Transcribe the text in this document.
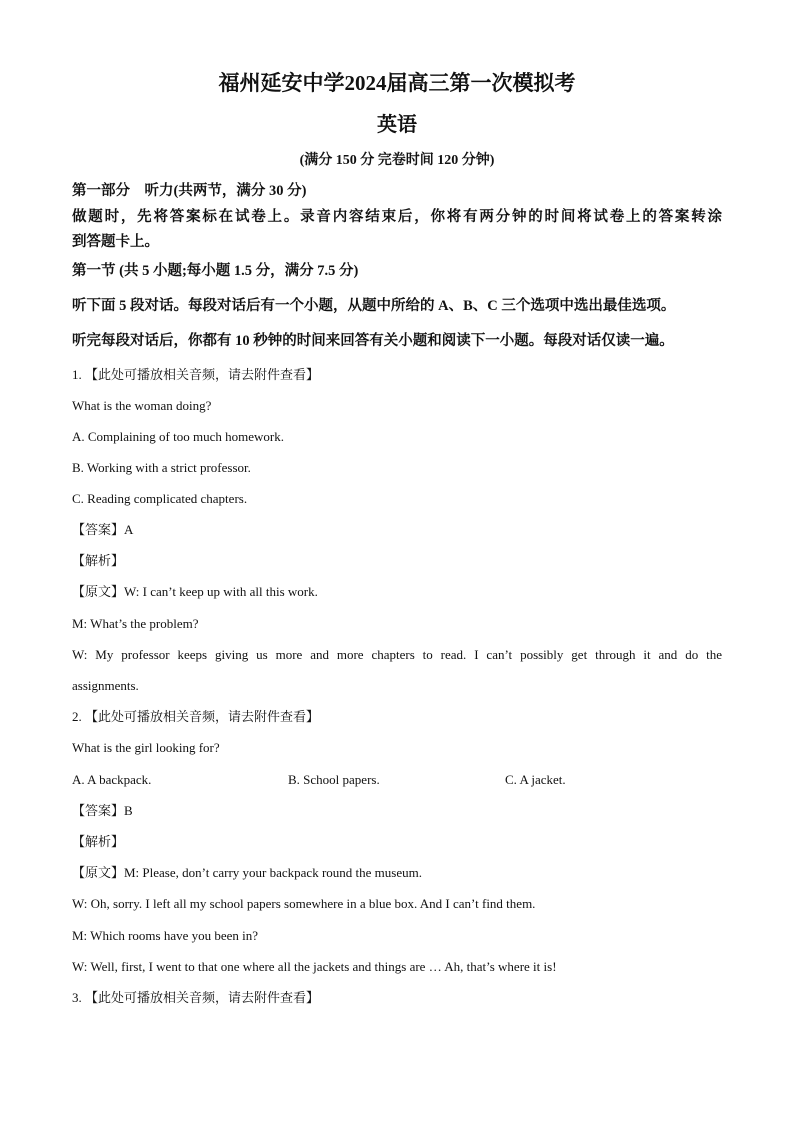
福州延安中学2024届高三第一次模拟考
英语
(满分 150 分 完卷时间 120 分钟)
第一部分　听力(共两节，满分 30 分)
做题时，先将答案标在试卷上。录音内容结束后，你将有两分钟的时间将试卷上的答案转涂
到答题卡上。
第一节 (共 5 小题;每小题 1.5 分，满分 7.5 分)
听下面 5 段对话。每段对话后有一个小题，从题中所给的 A、B、C 三个选项中选出最佳选项。
听完每段对话后，你都有 10 秒钟的时间来回答有关小题和阅读下一小题。每段对话仅读一遍。
1. 【此处可播放相关音频，请去附件查看】
What is the woman doing?
A. Complaining of too much homework.
B. Working with a strict professor.
C. Reading complicated chapters.
【答案】A
【解析】
【原文】W: I can’t keep up with all this work.
M: What’s the problem?
W: My professor keeps giving us more and more chapters to read. I can’t possibly get through it and do the
assignments.
2. 【此处可播放相关音频，请去附件查看】
What is the girl looking for?
A. A backpack.	B. School papers.	C. A jacket.
【答案】B
【解析】
【原文】M: Please, don’t carry your backpack round the museum.
W: Oh, sorry. I left all my school papers somewhere in a blue box. And I can’t find them.
M: Which rooms have you been in?
W: Well, first, I went to that one where all the jackets and things are … Ah, that’s where it is!
3. 【此处可播放相关音频，请去附件查看】
